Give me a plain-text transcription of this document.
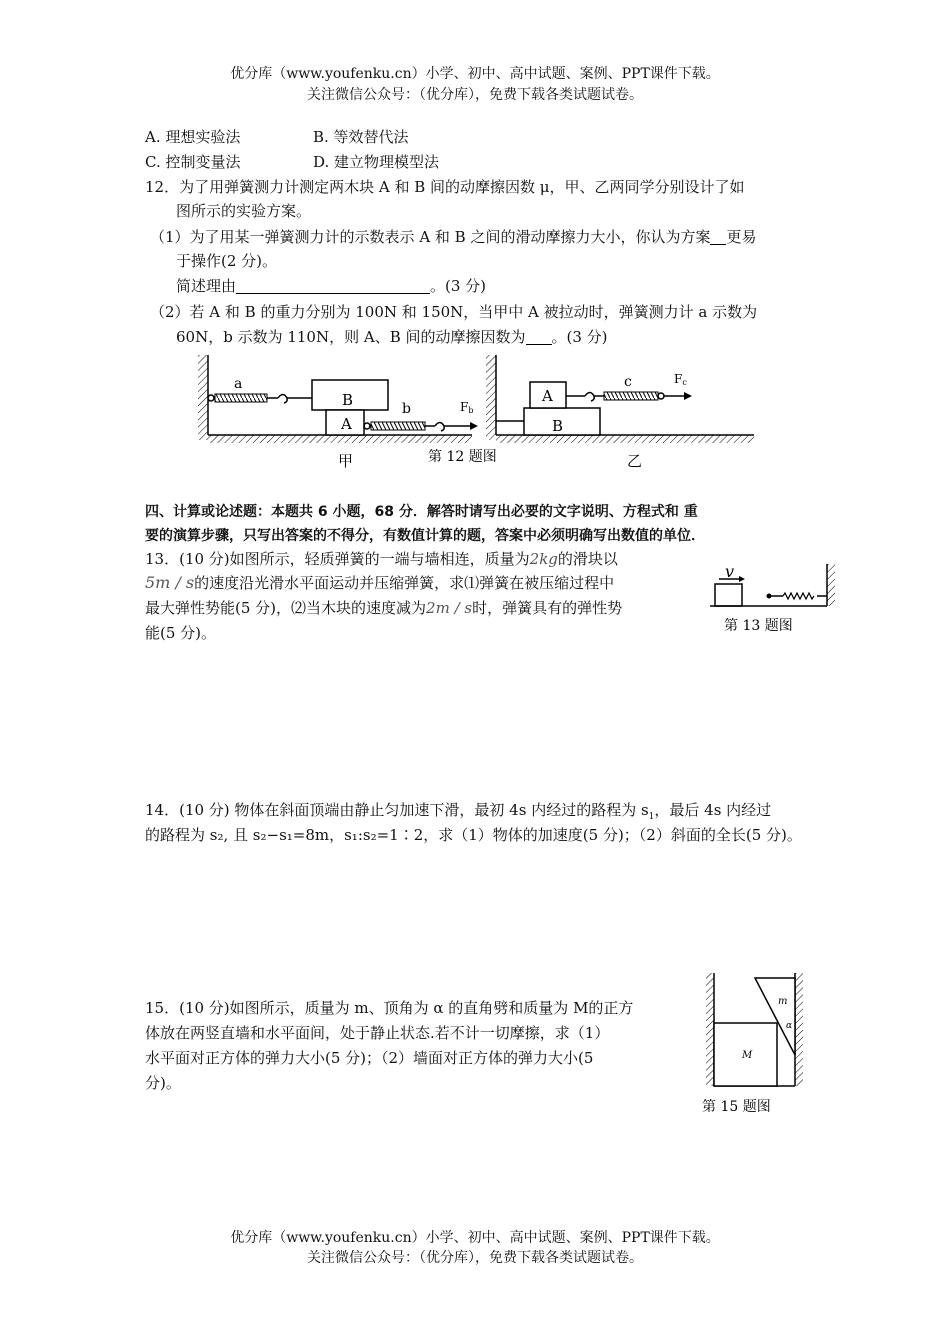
优分库（www.youfenku.cn）小学、初中、高中试题、案例、PPT课件下载。
关注微信公众号：（优分库），免费下载各类试题试卷。
A. 理想实验法	B. 等效替代法
C. 控制变量法	D. 建立物理模型法
12．为了用弹簧测力计测定两木块 A 和 B 间的动摩擦因数 μ，甲、乙两同学分别设计了如
图所示的实验方案。
（1）为了用某一弹簧测力计的示数表示 A 和 B 之间的滑动摩擦力大小，你认为方案 更易
于操作(2 分)。
简述理由	。(3 分)
（2）若 A 和 B 的重力分别为 100N 和 150N，当甲中 A 被拉动时，弹簧测力计 a 示数为
60N，b 示数为 110N，则 A、B 间的动摩擦因数为 。(3 分)
a
B
A
b	Fb
甲	第 12 题图
B
A
c	Fc
乙
四、计算或论述题：本题共 6 小题，68 分．解答时请写出必要的文字说明、方程式和 重
要的演算步骤，只写出答案的不得分，有数值计算的题，答案中必须明确写出数值的单位．
13．(10 分)如图所示，轻质弹簧的一端与墙相连，质量为2kg的滑块以
5m / s的速度沿光滑水平面运动并压缩弹簧，求⑴弹簧在被压缩过程中
最大弹性势能(5 分)，⑵当木块的速度减为2m / s时，弹簧具有的弹性势
能(5 分)。
v
第 13 题图
14．(10 分) 物体在斜面顶端由静止匀加速下滑，最初 4s 内经过的路程为 $s_1$，最后 4s 内经过
的路程为 s₂, 且 s₂−s₁=8m，s₁:s₂=1∶2，求（1）物体的加速度(5 分)；（2）斜面的全长(5 分)。
15．(10 分)如图所示，质量为 m、顶角为 α 的直角劈和质量为 M的正方
体放在两竖直墙和水平面间，处于静止状态.若不计一切摩擦，求（1）
水平面对正方体的弹力大小(5 分)；（2）墙面对正方体的弹力大小(5
分)。
M
m
α
第 15 题图
优分库（www.youfenku.cn）小学、初中、高中试题、案例、PPT课件下载。
关注微信公众号：（优分库），免费下载各类试题试卷。
